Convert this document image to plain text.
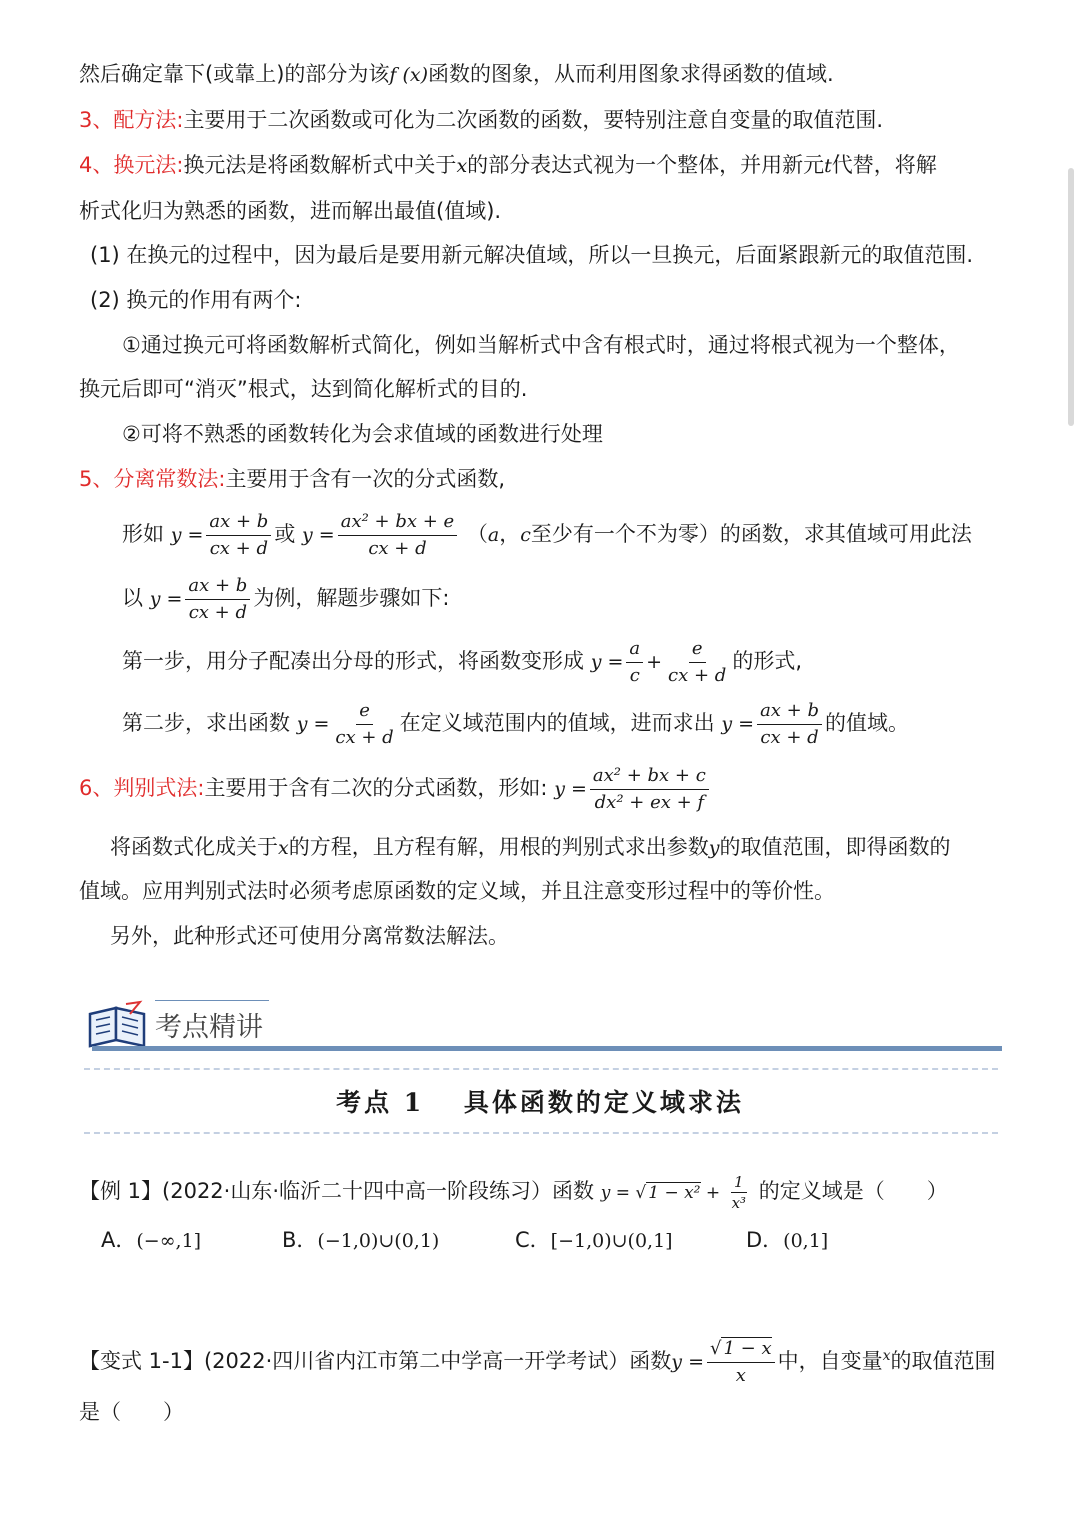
然后确定靠下(或靠上)的部分为该f (x)函数的图象，从而利用图象求得函数的值域.
3、配方法:主要用于二次函数或可化为二次函数的函数，要特别注意自变量的取值范围.
4、换元法:换元法是将函数解析式中关于x的部分表达式视为一个整体，并用新元t代替，将解
析式化归为熟悉的函数，进而解出最值(值域).
(1) 在换元的过程中，因为最后是要用新元解决值域，所以一旦换元，后面紧跟新元的取值范围.
(2) 换元的作用有两个:
①通过换元可将函数解析式简化，例如当解析式中含有根式时，通过将根式视为一个整体，
换元后即可“消灭”根式，达到简化解析式的目的.
②可将不熟悉的函数转化为会求值域的函数进行处理
5、分离常数法:主要用于含有一次的分式函数,
形如 $y = \frac{ax + b}{cx + d}$ 或 $y = \frac{\text{ax² + bx + e}}{cx + d} (a$，c至少有一个不为零）的函数，求其值域可用此法
以 $y = \frac{ax + b}{cx + d}$ 为例，解题步骤如下:
第一步，用分子配凑出分母的形式，将函数变形成 $y = \frac{a}{c} + \frac{e}{cx + d}$ 的形式,
第二步，求出函数 $y = \frac{e}{cx + d}$ 在定义域范围内的值域，进而求出 $y = \frac{ax + b}{cx + d}$ 的值域。
6、判别式法:主要用于含有二次的分式函数，形如: $y = \frac{\text{ax² + bx + c}}{\text{dx² + ex + f}}$
将函数式化成关于x的方程，且方程有解，用根的判别式求出参数y的取值范围，即得函数的
值域。应用判别式法时必须考虑原函数的定义域，并且注意变形过程中的等价性。
另外，此种形式还可使用分离常数法解法。
考点精讲
考点 1　 具体函数的定义域求法
【例 1】(2022·山东·临沂二十四中高一阶段练习）函数 y = √ $1 - x^2 + \frac{1}{\text{x³}}$ 的定义域是（　　）
A．(−∞,1]	B．(−1,0)∪(0,1)	C．[−1,0)∪(0,1]	D．(0,1]
【变式 1-1】(2022·四川省内江市第二中学高一开学考试）函数$y = \frac{√ 1 - x}{x}$ 中，自变量$^x$的取值范围
是（　　）
